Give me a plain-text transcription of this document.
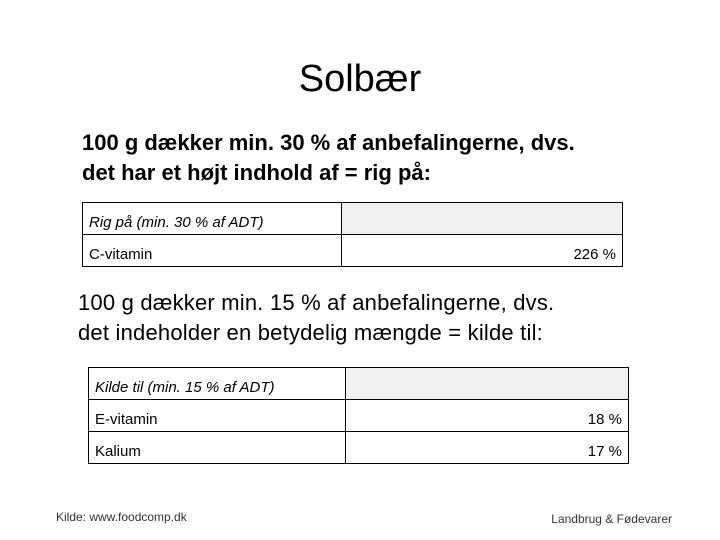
Solbær
100 g dækker min. 30 % af anbefalingerne, dvs.
det har et højt indhold af = rig på:
Rig på (min. 30 % af ADT)	
C-vitamin	226 %
100 g dækker min. 15 % af anbefalingerne, dvs.
det indeholder en betydelig mængde = kilde til:
Kilde til (min. 15 % af ADT)	
E-vitamin	18 %
Kalium	17 %
Kilde: www.foodcomp.dk	Landbrug & Fødevarer
